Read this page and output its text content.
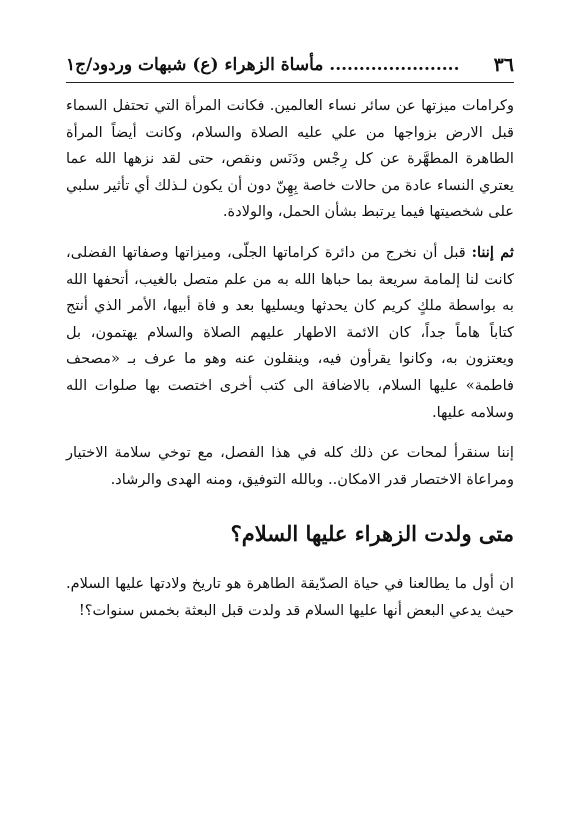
٣٦
...................... مأساة الزهراء (ع) شبهات وردود/ج١

وكرامات ميزتها عن سائر نساء العالمين. فكانت المرأة التي تحتفل السماء قبل الارض بزواجها من علي عليه الصلاة والسلام، وكانت أيضاً المرأة الطاهرة المطهَّرة عن كل رِجْس ودَنَس ونقص، حتى لقد نزهها الله عما يعتري النساء عادة من حالات خاصة بِهِنّ دون أن يكون لـذلك أي تأثير سلبي على شخصيتها فيما يرتبط بشأن الحمل، والولادة.

ثم إننا: قبل أن نخرج من دائرة كراماتها الجلّى، وميزاتها وصفاتها الفضلى، كانت لنا إلمامة سريعة بما حباها الله به من علم متصل بالغيب، أتحفها الله به بواسطة ملكٍ كريم كان يحدثها ويسليها بعد و فاة أبيها، الأمر الذي أنتج كتاباً هاماً جداً، كان الائمة الاطهار عليهم الصلاة والسلام يهتمون، بل ويعتزون به، وكانوا يقرأون فيه، وينقلون عنه وهو ما عرف بـ «مصحف فاطمة» عليها السلام، بالاضافة الى كتب أخرى اختصت بها صلوات الله وسلامه عليها.

إننا سنقرأ لمحات عن ذلك كله في هذا الفصل، مع توخي سلامة الاختيار ومراعاة الاختصار قدر الامكان.. وبالله التوفيق، ومنه الهدى والرشاد.

متى ولدت الزهراء عليها السلام؟

ان أول ما يطالعنا في حياة الصدّيقة الطاهرة هو تاريخ ولادتها عليها السلام. حيث يدعي البعض أنها عليها السلام قد ولدت قبل البعثة بخمس سنوات؟!
